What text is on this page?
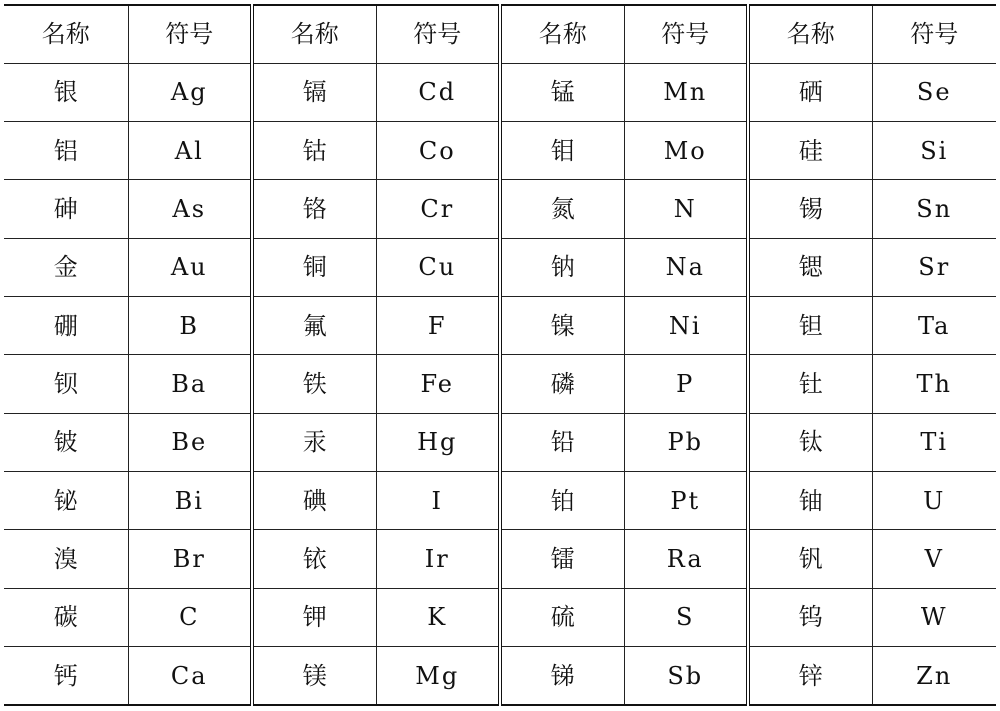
名称	符号	名称	符号	名称	符号	名称	符号
银	Ag	镉	Cd	锰	Mn	硒	Se
铝	Al	钴	Co	钼	Mo	硅	Si
砷	As	铬	Cr	氮	N	锡	Sn
金	Au	铜	Cu	钠	Na	锶	Sr
硼	B	氟	F	镍	Ni	钽	Ta
钡	Ba	铁	Fe	磷	P	钍	Th
铍	Be	汞	Hg	铅	Pb	钛	Ti
铋	Bi	碘	I	铂	Pt	铀	U
溴	Br	铱	Ir	镭	Ra	钒	V
碳	C	钾	K	硫	S	钨	W
钙	Ca	镁	Mg	锑	Sb	锌	Zn
